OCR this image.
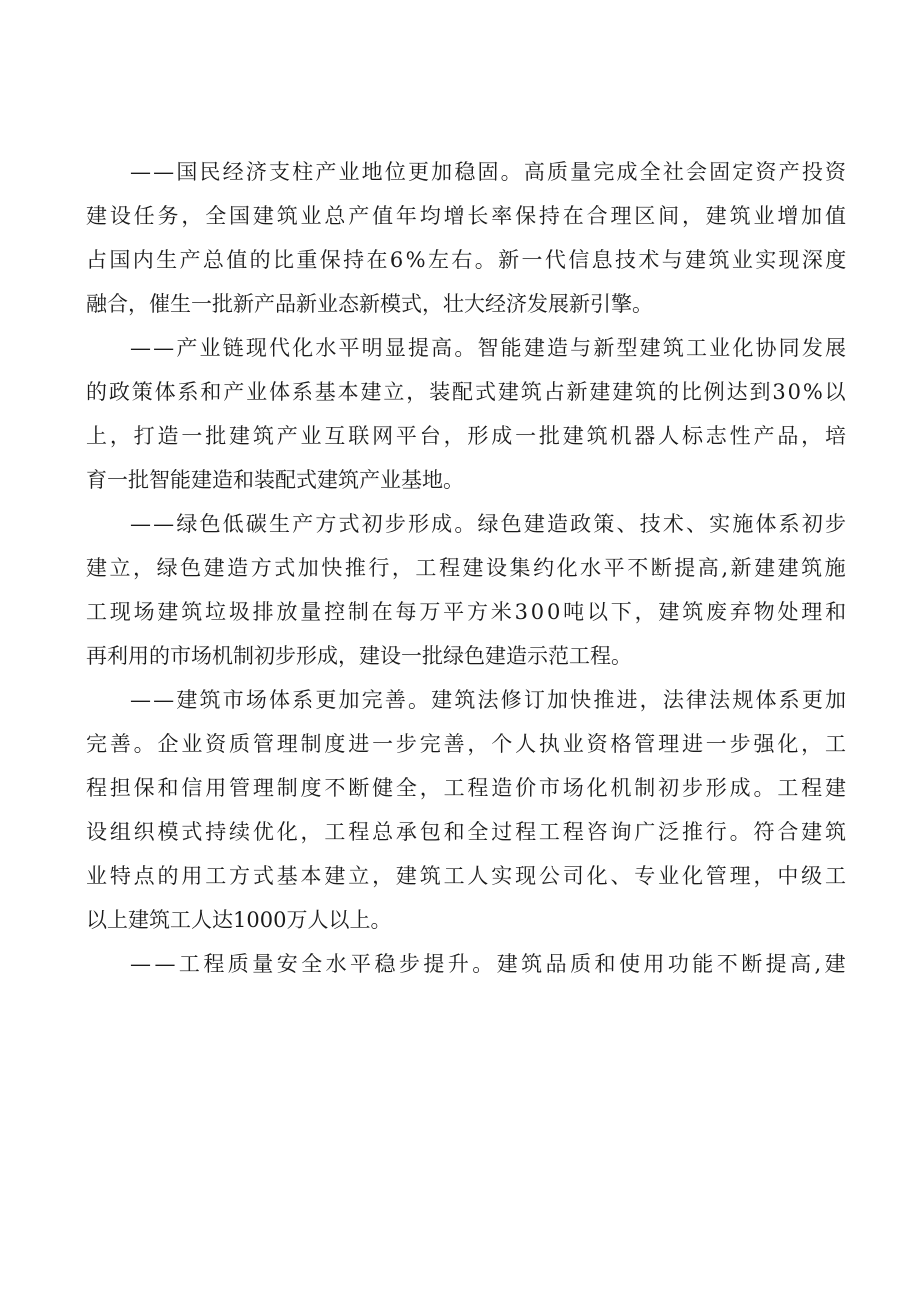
——国民经济支柱产业地位更加稳固。高质量完成全社会固定资产投资
建设任务，全国建筑业总产值年均增长率保持在合理区间，建筑业增加值
占国内生产总值的比重保持在6%左右。新一代信息技术与建筑业实现深度
融合，催生一批新产品新业态新模式，壮大经济发展新引擎。
——产业链现代化水平明显提高。智能建造与新型建筑工业化协同发展
的政策体系和产业体系基本建立，装配式建筑占新建建筑的比例达到30%以
上，打造一批建筑产业互联网平台，形成一批建筑机器人标志性产品，培
育一批智能建造和装配式建筑产业基地。
——绿色低碳生产方式初步形成。绿色建造政策、技术、实施体系初步
建立，绿色建造方式加快推行，工程建设集约化水平不断提高,新建建筑施
工现场建筑垃圾排放量控制在每万平方米300吨以下，建筑废弃物处理和
再利用的市场机制初步形成，建设一批绿色建造示范工程。
——建筑市场体系更加完善。建筑法修订加快推进，法律法规体系更加
完善。企业资质管理制度进一步完善，个人执业资格管理进一步强化，工
程担保和信用管理制度不断健全，工程造价市场化机制初步形成。工程建
设组织模式持续优化，工程总承包和全过程工程咨询广泛推行。符合建筑
业特点的用工方式基本建立，建筑工人实现公司化、专业化管理，中级工
以上建筑工人达1000万人以上。
——工程质量安全水平稳步提升。建筑品质和使用功能不断提高,建
